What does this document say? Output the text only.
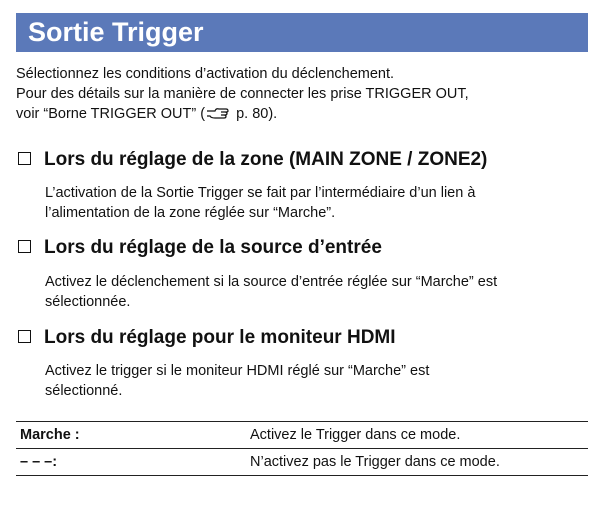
Sortie Trigger
Sélectionnez les conditions d’activation du déclenchement.
Pour des détails sur la manière de connecter les prise TRIGGER OUT,
voir “Borne TRIGGER OUT” ( p. 80).
Lors du réglage de la zone (MAIN ZONE / ZONE2)
L’activation de la Sortie Trigger se fait par l’intermédiaire d’un lien à
l’alimentation de la zone réglée sur “Marche”.
Lors du réglage de la source d’entrée
Activez le déclenchement si la source d’entrée réglée sur “Marche” est
sélectionnée.
Lors du réglage pour le moniteur HDMI
Activez le trigger si le moniteur HDMI réglé sur “Marche” est
sélectionné.
Marche :	Activez le Trigger dans ce mode.
– – –:	N’activez pas le Trigger dans ce mode.
